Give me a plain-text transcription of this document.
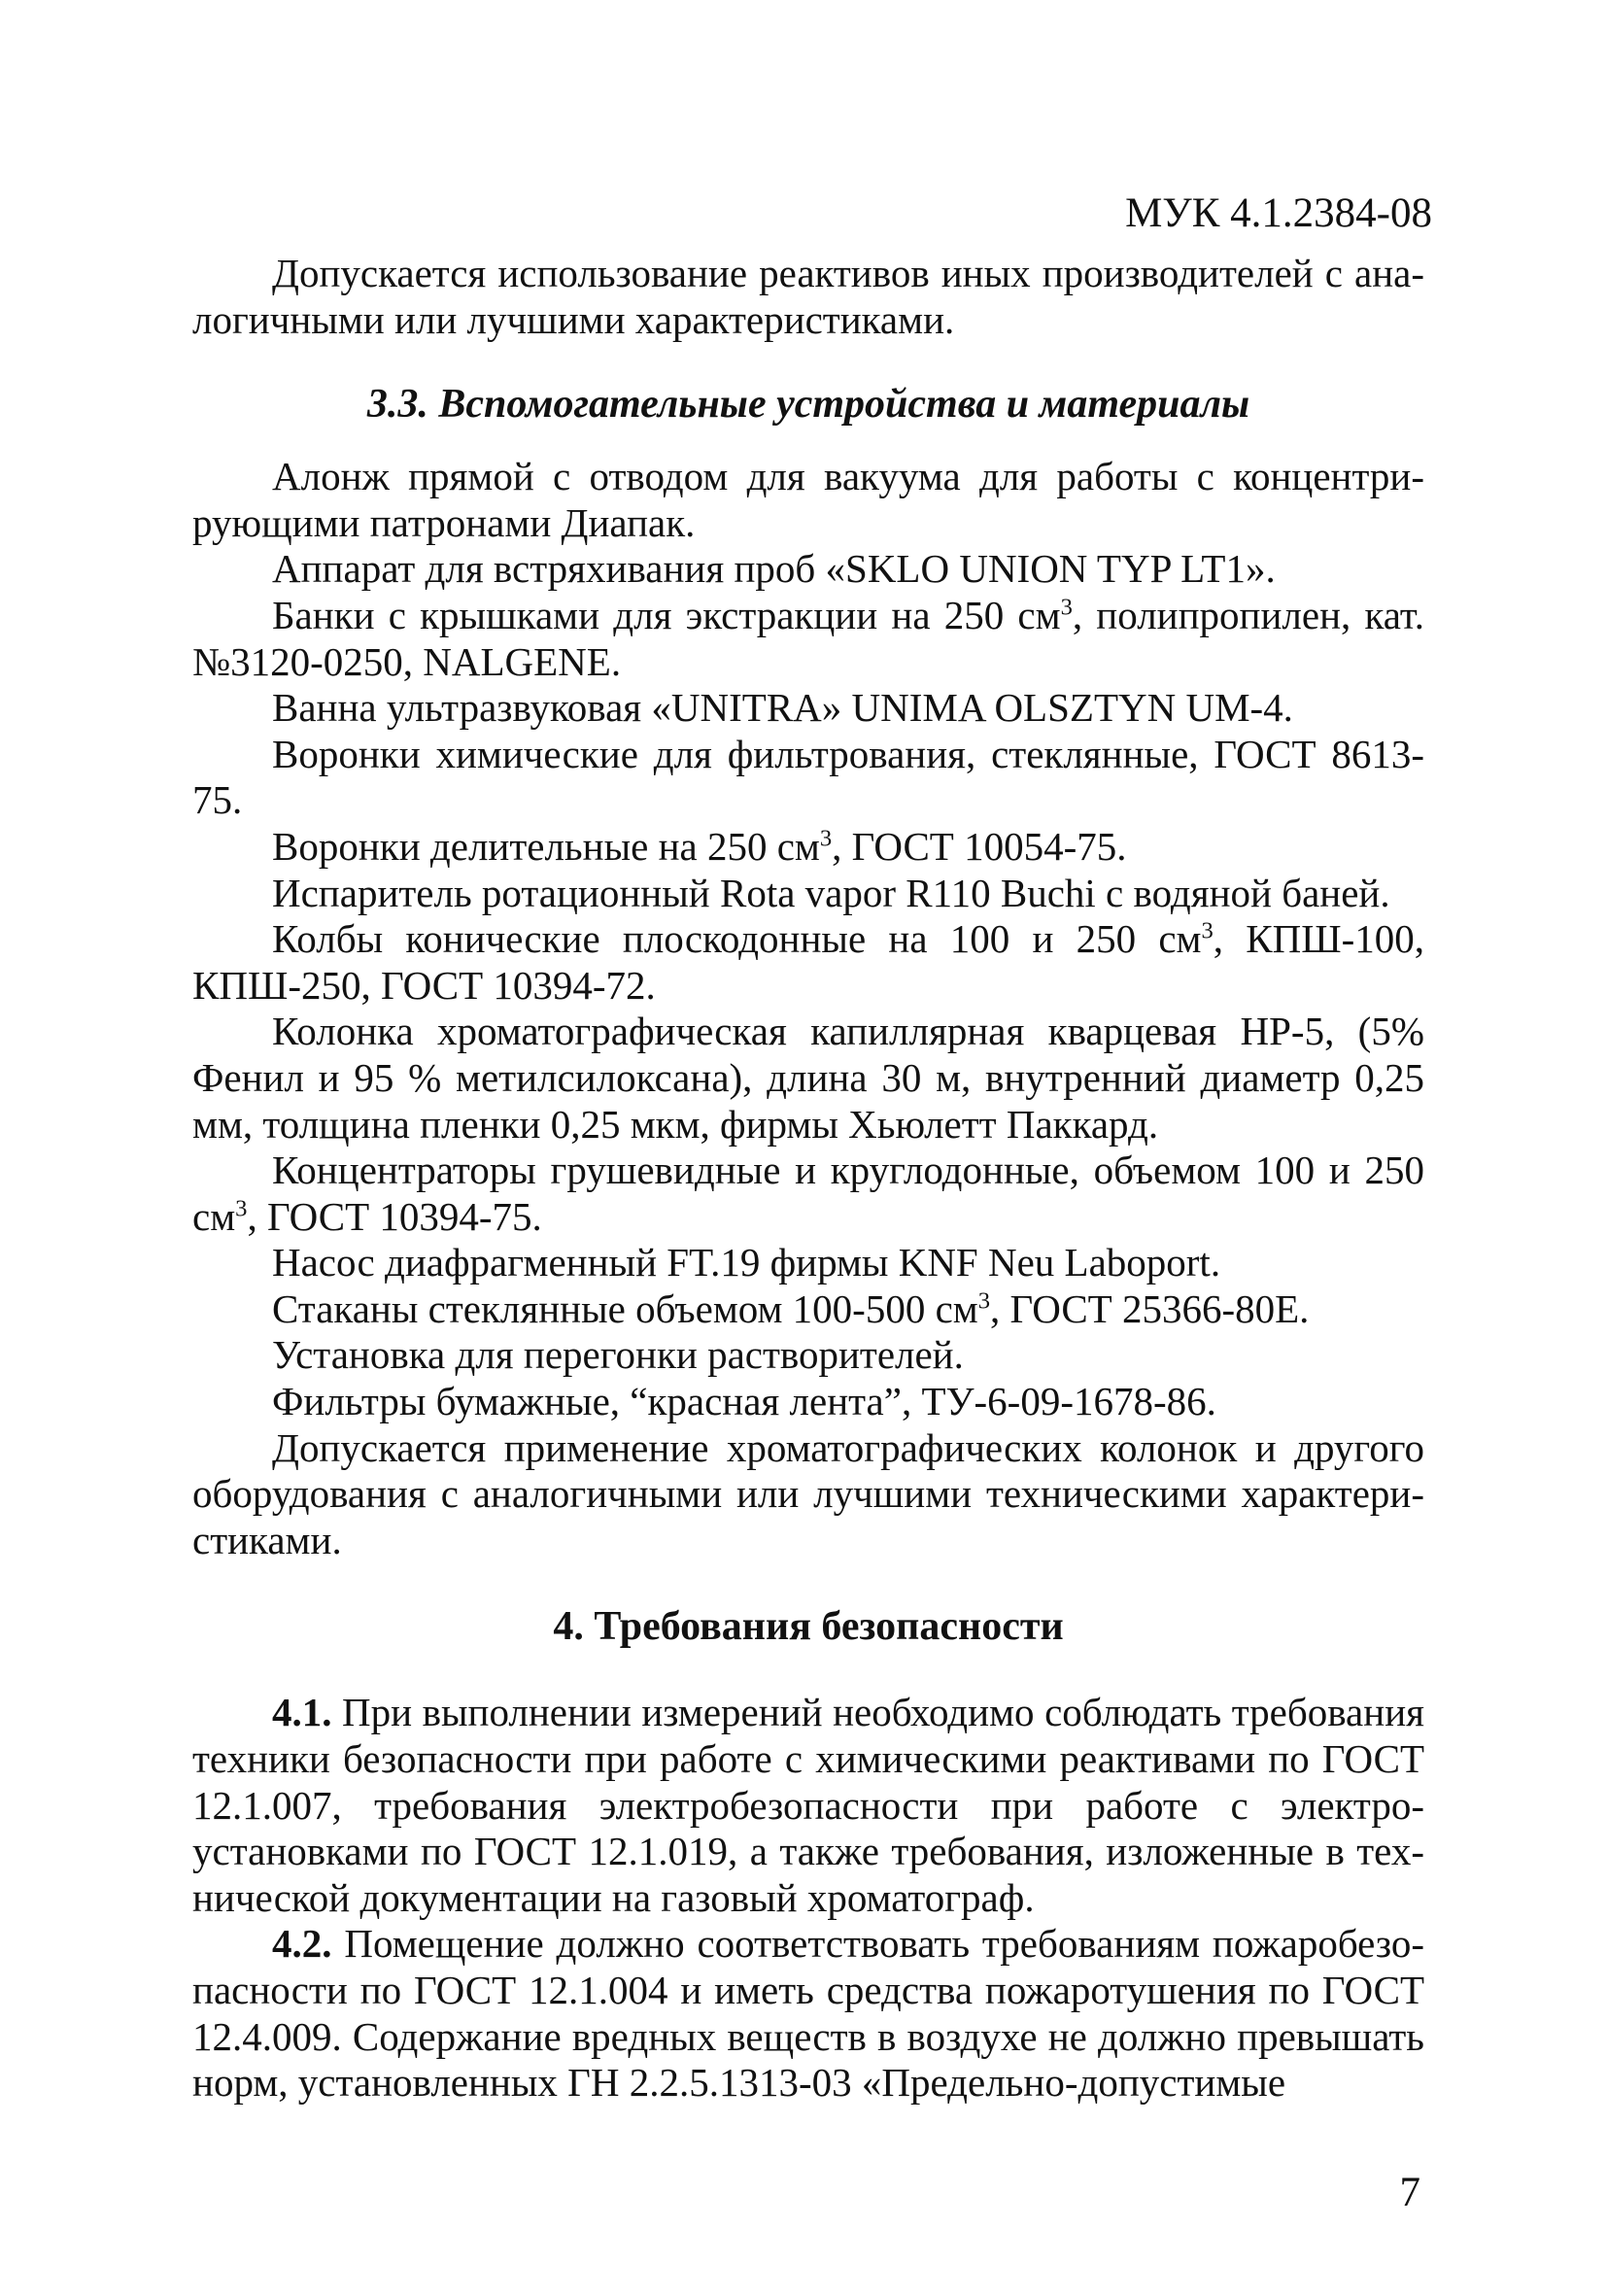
МУК 4.1.2384-08

Допускается использование реактивов иных производителей с аналогичными или лучшими характеристиками.

3.3. Вспомогательные устройства и материалы

Алонж прямой с отводом для вакуума для работы с концентрирующими патронами Диапак.

Аппарат для встряхивания проб «SKLO UNION TYP LT1».

Банки с крышками для экстракции на 250 $см^3$, полипропилен, кат. №3120-0250, NALGENE.

Ванна ультразвуковая «UNITRA» UNIMA OLSZTYN UM-4.

Воронки химические для фильтрования, стеклянные, ГОСТ 8613-75.

Воронки делительные на 250 $см^3$, ГОСТ 10054-75.

Испаритель ротационный Rota vapor R110 Buchi с водяной баней.

Колбы конические плоскодонные на 100 и 250 $см^3$, КПШ-100, КПШ-250, ГОСТ 10394-72.

Колонка хроматографическая капиллярная кварцевая HP-5, (5% Фенил и 95 % метилсилоксана), длина 30 м, внутренний диаметр 0,25 мм, толщина пленки 0,25 мкм, фирмы Хьюлетт Паккард.

Концентраторы грушевидные и круглодонные, объемом 100 и 250 $см^3$, ГОСТ 10394-75.

Насос диафрагменный FT.19 фирмы KNF Neu Laboport.

Стаканы стеклянные объемом 100-500 $см^3$, ГОСТ 25366-80Е.

Установка для перегонки растворителей.

Фильтры бумажные, “красная лента”, ТУ-6-09-1678-86.

Допускается применение хроматографических колонок и другого оборудования с аналогичными или лучшими техническими характеристиками.

4. Требования безопасности

4.1. При выполнении измерений необходимо соблюдать требования техники безопасности при работе с химическими реактивами по ГОСТ 12.1.007, требования электробезопасности при работе с электроустановками по ГОСТ 12.1.019, а также требования, изложенные в технической документации на газовый хроматограф.

4.2. Помещение должно соответствовать требованиям пожаробезопасности по ГОСТ 12.1.004 и иметь средства пожаротушения по ГОСТ 12.4.009. Содержание вредных веществ в воздухе не должно превышать норм, установленных ГН 2.2.5.1313-03 «Предельно-допустимые

7
